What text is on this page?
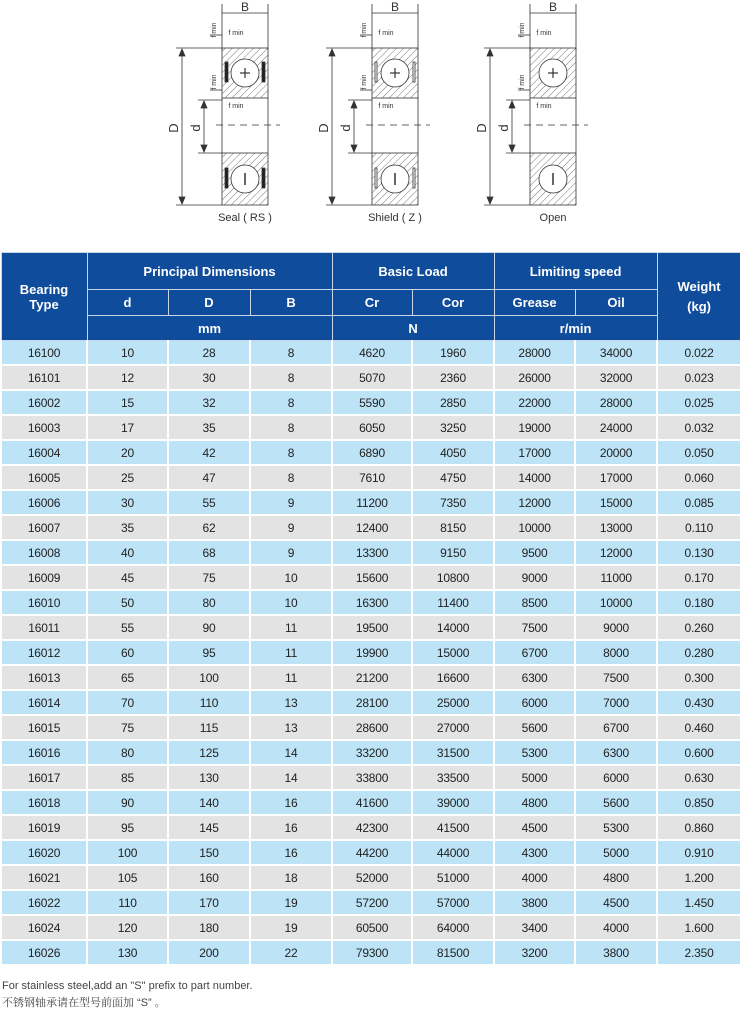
B
D d
f min
f min
f min
f min
Seal ( RS )
B
D d
f min
f min
f min
f min
Shield ( Z )
B
D d
f min
f min
f min
f min
Open
Bearing Type	Principal Dimensions			Basic Load		Limiting speed		Weight (kg)
	d	D	B	Cr	Cor	Grease	Oil	
	mm			N		r/min		
16100	10	28	8	4620	1960	28000	34000	0.022
16101	12	30	8	5070	2360	26000	32000	0.023
16002	15	32	8	5590	2850	22000	28000	0.025
16003	17	35	8	6050	3250	19000	24000	0.032
16004	20	42	8	6890	4050	17000	20000	0.050
16005	25	47	8	7610	4750	14000	17000	0.060
16006	30	55	9	11200	7350	12000	15000	0.085
16007	35	62	9	12400	8150	10000	13000	0.110
16008	40	68	9	13300	9150	9500	12000	0.130
16009	45	75	10	15600	10800	9000	11000	0.170
16010	50	80	10	16300	11400	8500	10000	0.180
16011	55	90	11	19500	14000	7500	9000	0.260
16012	60	95	11	19900	15000	6700	8000	0.280
16013	65	100	11	21200	16600	6300	7500	0.300
16014	70	110	13	28100	25000	6000	7000	0.430
16015	75	115	13	28600	27000	5600	6700	0.460
16016	80	125	14	33200	31500	5300	6300	0.600
16017	85	130	14	33800	33500	5000	6000	0.630
16018	90	140	16	41600	39000	4800	5600	0.850
16019	95	145	16	42300	41500	4500	5300	0.860
16020	100	150	16	44200	44000	4300	5000	0.910
16021	105	160	18	52000	51000	4000	4800	1.200
16022	110	170	19	57200	57000	3800	4500	1.450
16024	120	180	19	60500	64000	3400	4000	1.600
16026	130	200	22	79300	81500	3200	3800	2.350
For stainless steel,add an "S" prefix to part number.
不锈钢轴承请在型号前面加 “S” 。
